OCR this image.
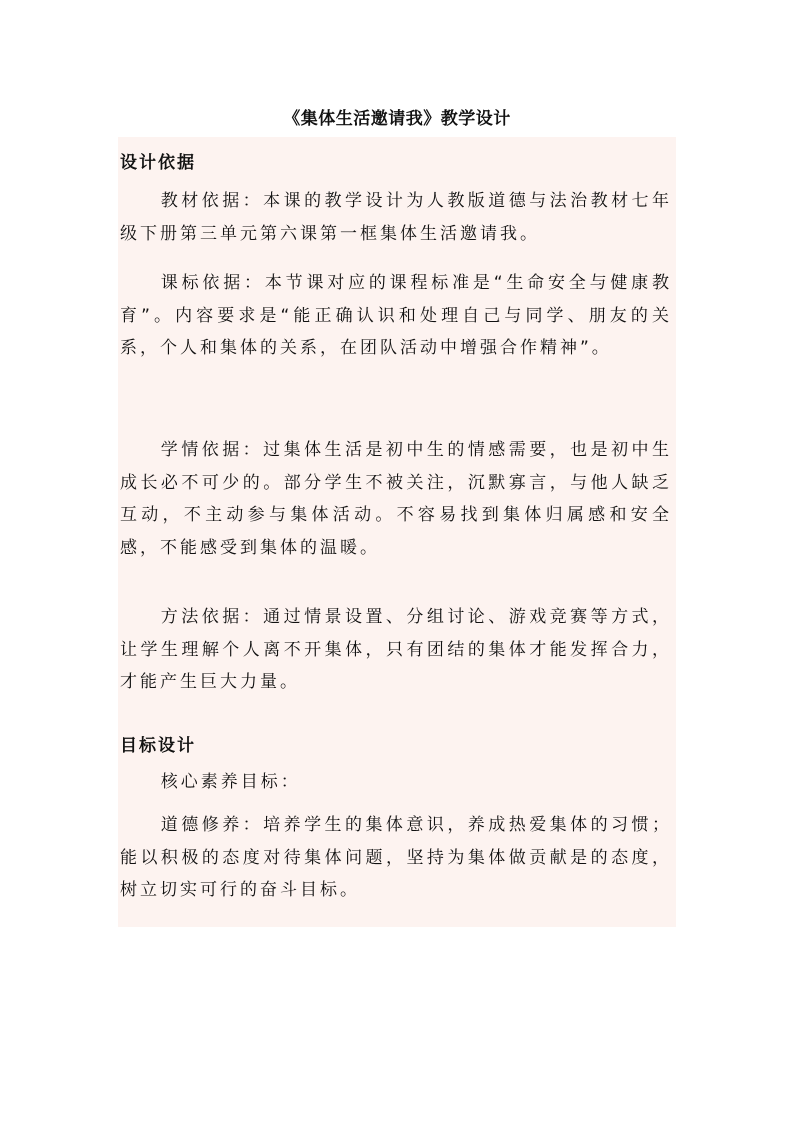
《集体生活邀请我》教学设计
设计依据
教材依据：本课的教学设计为人教版道德与法治教材七年级下册第三单元第六课第一框集体生活邀请我。
课标依据：本节课对应的课程标准是“生命安全与健康教育”。内容要求是“能正确认识和处理自己与同学、朋友的关系，个人和集体的关系，在团队活动中增强合作精神”。
学情依据：过集体生活是初中生的情感需要，也是初中生成长必不可少的。部分学生不被关注，沉默寡言，与他人缺乏互动，不主动参与集体活动。不容易找到集体归属感和安全感，不能感受到集体的温暖。
方法依据：通过情景设置、分组讨论、游戏竞赛等方式，让学生理解个人离不开集体，只有团结的集体才能发挥合力，才能产生巨大力量。
目标设计
核心素养目标：
道德修养：培养学生的集体意识，养成热爱集体的习惯；能以积极的态度对待集体问题，坚持为集体做贡献是的态度，树立切实可行的奋斗目标。
